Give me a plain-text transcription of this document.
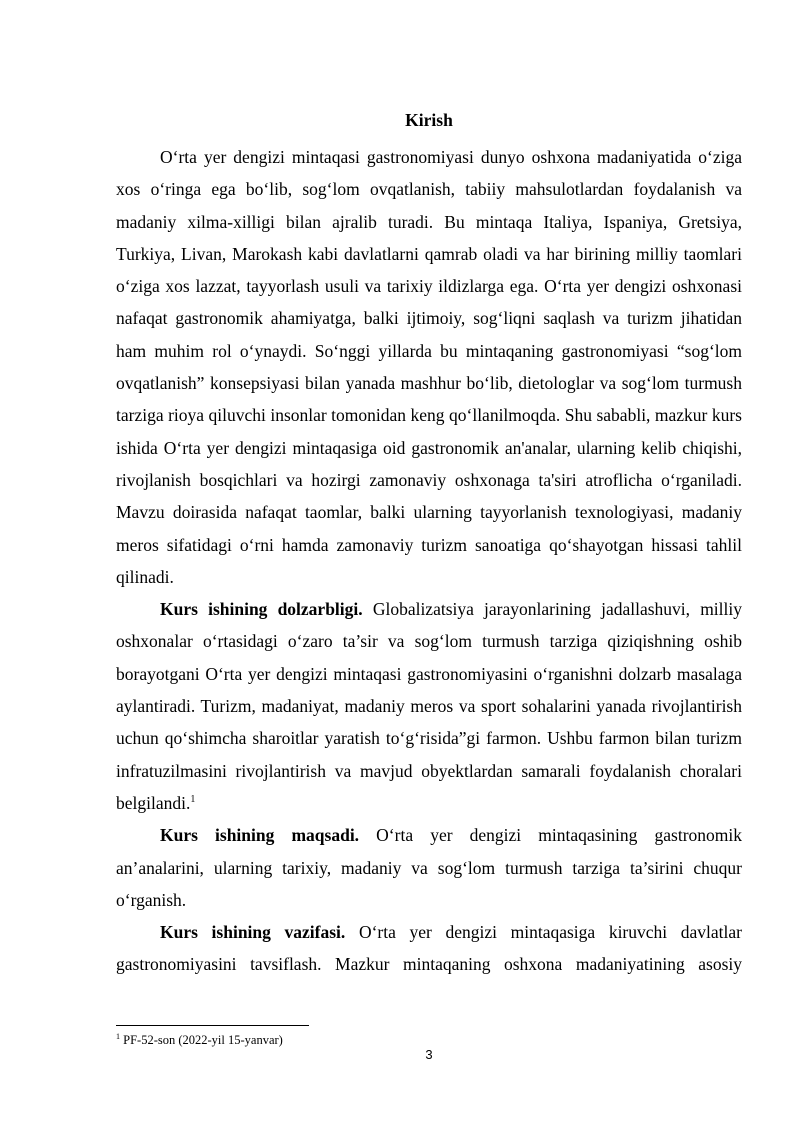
Kirish

O‘rta yer dengizi mintaqasi gastronomiyasi dunyo oshxona madaniyatida o‘ziga xos o‘ringa ega bo‘lib, sog‘lom ovqatlanish, tabiiy mahsulotlardan foydalanish va madaniy xilma-xilligi bilan ajralib turadi. Bu mintaqa Italiya, Ispaniya, Gretsiya, Turkiya, Livan, Marokash kabi davlatlarni qamrab oladi va har birining milliy taomlari o‘ziga xos lazzat, tayyorlash usuli va tarixiy ildizlarga ega. O‘rta yer dengizi oshxonasi nafaqat gastronomik ahamiyatga, balki ijtimoiy, sog‘liqni saqlash va turizm jihatidan ham muhim rol o‘ynaydi. So‘nggi yillarda bu mintaqaning gastronomiyasi “sog‘lom ovqatlanish” konsepsiyasi bilan yanada mashhur bo‘lib, dietologlar va sog‘lom turmush tarziga rioya qiluvchi insonlar tomonidan keng qo‘llanilmoqda. Shu sababli, mazkur kurs ishida O‘rta yer dengizi mintaqasiga oid gastronomik an'analar, ularning kelib chiqishi, rivojlanish bosqichlari va hozirgi zamonaviy oshxonaga ta'siri atroflicha o‘rganiladi. Mavzu doirasida nafaqat taomlar, balki ularning tayyorlanish texnologiyasi, madaniy meros sifatidagi o‘rni hamda zamonaviy turizm sanoatiga qo‘shayotgan hissasi tahlil qilinadi.

Kurs ishining dolzarbligi. Globalizatsiya jarayonlarining jadallashuvi, milliy oshxonalar o‘rtasidagi o‘zaro ta’sir va sog‘lom turmush tarziga qiziqishning oshib borayotgani O‘rta yer dengizi mintaqasi gastronomiyasini o‘rganishni dolzarb masalaga aylantiradi. Turizm, madaniyat, madaniy meros va sport sohalarini yanada rivojlantirish uchun qo‘shimcha sharoitlar yaratish to‘g‘risida”gi farmon. Ushbu farmon bilan turizm infratuzilmasini rivojlantirish va mavjud obyektlardan samarali foydalanish choralari belgilandi.$^1$

Kurs ishining maqsadi. O‘rta yer dengizi mintaqasining gastronomik an’analarini, ularning tarixiy, madaniy va sog‘lom turmush tarziga ta’sirini chuqur o‘rganish.

Kurs ishining vazifasi. O‘rta yer dengizi mintaqasiga kiruvchi davlatlar gastronomiyasini tavsiflash. Mazkur mintaqaning oshxona madaniyatining asosiy

$^1$ PF-52-son (2022-yil 15-yanvar)
3
